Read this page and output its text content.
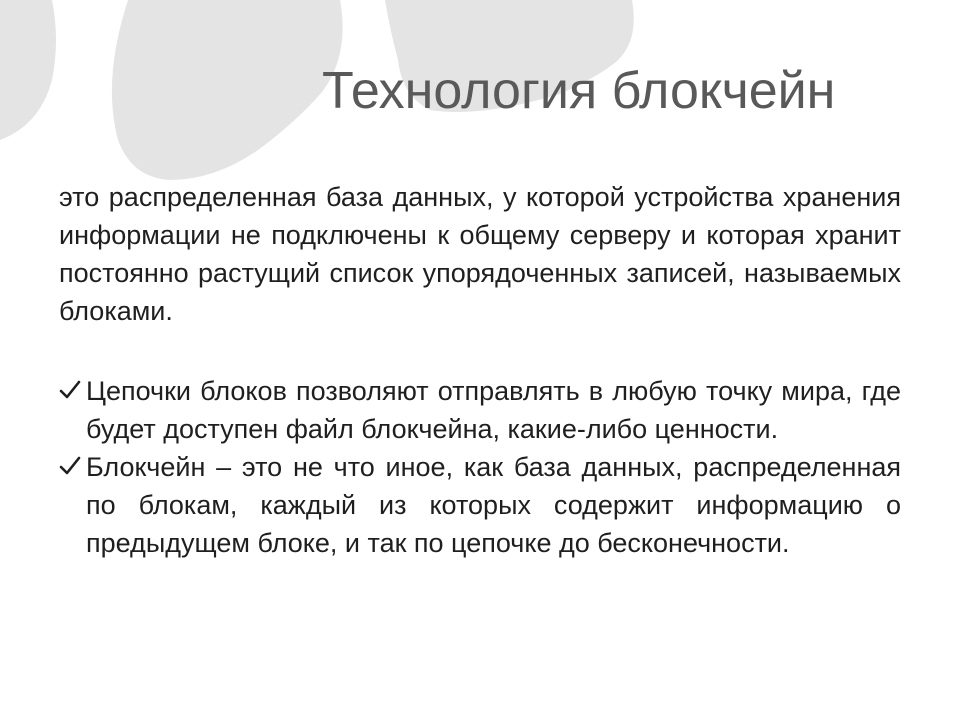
Технология блокчейн

это распределенная база данных, у которой устройства хранения информации не подключены к общему серверу и которая хранит постоянно растущий список упорядоченных записей, называемых блоками.

Цепочки блоков позволяют отправлять в любую точку мира, где будет доступен файл блокчейна, какие-либо ценности.
Блокчейн – это не что иное, как база данных, распределенная по блокам, каждый из которых содержит информацию о предыдущем блоке, и так по цепочке до бесконечности.
